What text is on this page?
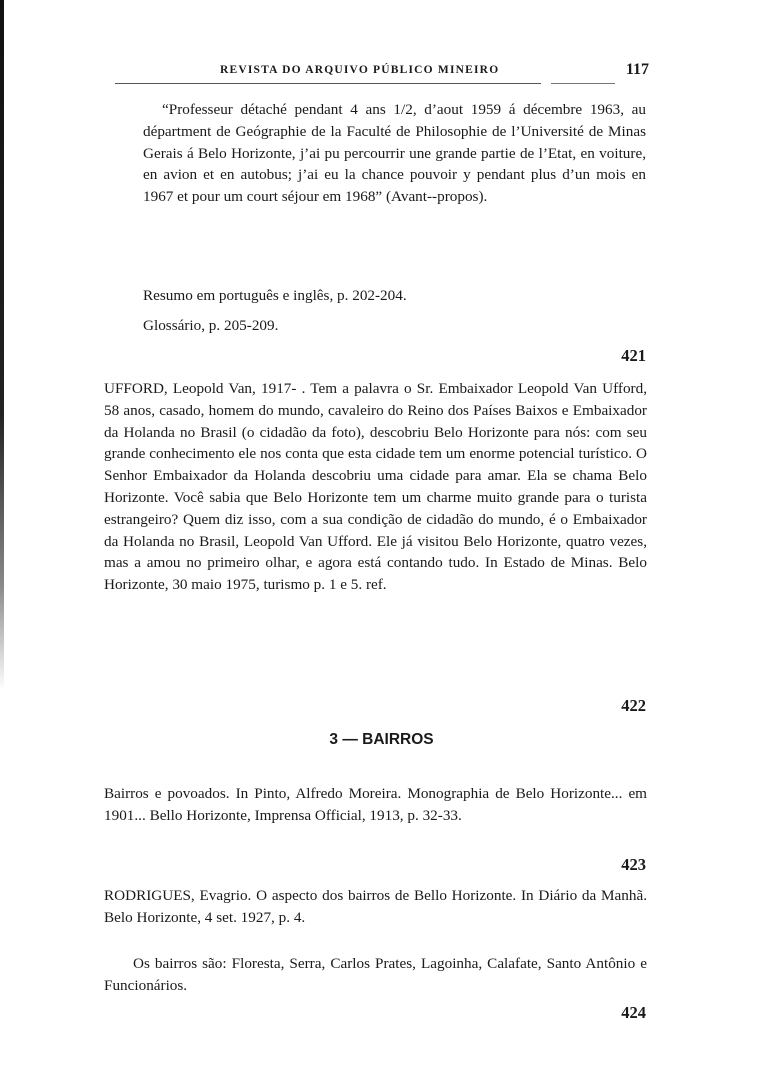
REVISTA DO ARQUIVO PÚBLICO MINEIRO	117

“Professeur détaché pendant 4 ans 1/2, d’aout 1959 á décembre 1963, au départment de Geógraphie de la Faculté de Philosophie de l’Université de Minas Gerais á Belo Horizonte, j’ai pu percourrir une grande partie de l’Etat, en voiture, en avion et en autobus; j’ai eu la chance pouvoir y pendant plus d’un mois en 1967 et pour um court séjour em 1968” (Avant--propos).

Resumo em português e inglês, p. 202-204.

Glossário, p. 205-209.

421

UFFORD, Leopold Van, 1917- . Tem a palavra o Sr. Embaixador Leopold Van Ufford, 58 anos, casado, homem do mundo, cavaleiro do Reino dos Países Baixos e Embaixador da Holanda no Brasil (o cidadão da foto), descobriu Belo Horizonte para nós: com seu grande conhecimento ele nos conta que esta cidade tem um enorme potencial turístico. O Senhor Embaixador da Holanda descobriu uma cidade para amar. Ela se chama Belo Horizonte. Você sabia que Belo Horizonte tem um charme muito grande para o turista estrangeiro? Quem diz isso, com a sua condição de cidadão do mundo, é o Embaixador da Holanda no Brasil, Leopold Van Ufford. Ele já visitou Belo Horizonte, quatro vezes, mas a amou no primeiro olhar, e agora está contando tudo. In Estado de Minas. Belo Horizonte, 30 maio 1975, turismo p. 1 e 5. ref.

422
3 — BAIRROS

Bairros e povoados. In Pinto, Alfredo Moreira. Monographia de Belo Horizonte... em 1901... Bello Horizonte, Imprensa Official, 1913, p. 32-33.

423

RODRIGUES, Evagrio. O aspecto dos bairros de Bello Horizonte. In Diário da Manhã. Belo Horizonte, 4 set. 1927, p. 4.

Os bairros são: Floresta, Serra, Carlos Prates, Lagoinha, Calafate, Santo Antônio e Funcionários.

424
